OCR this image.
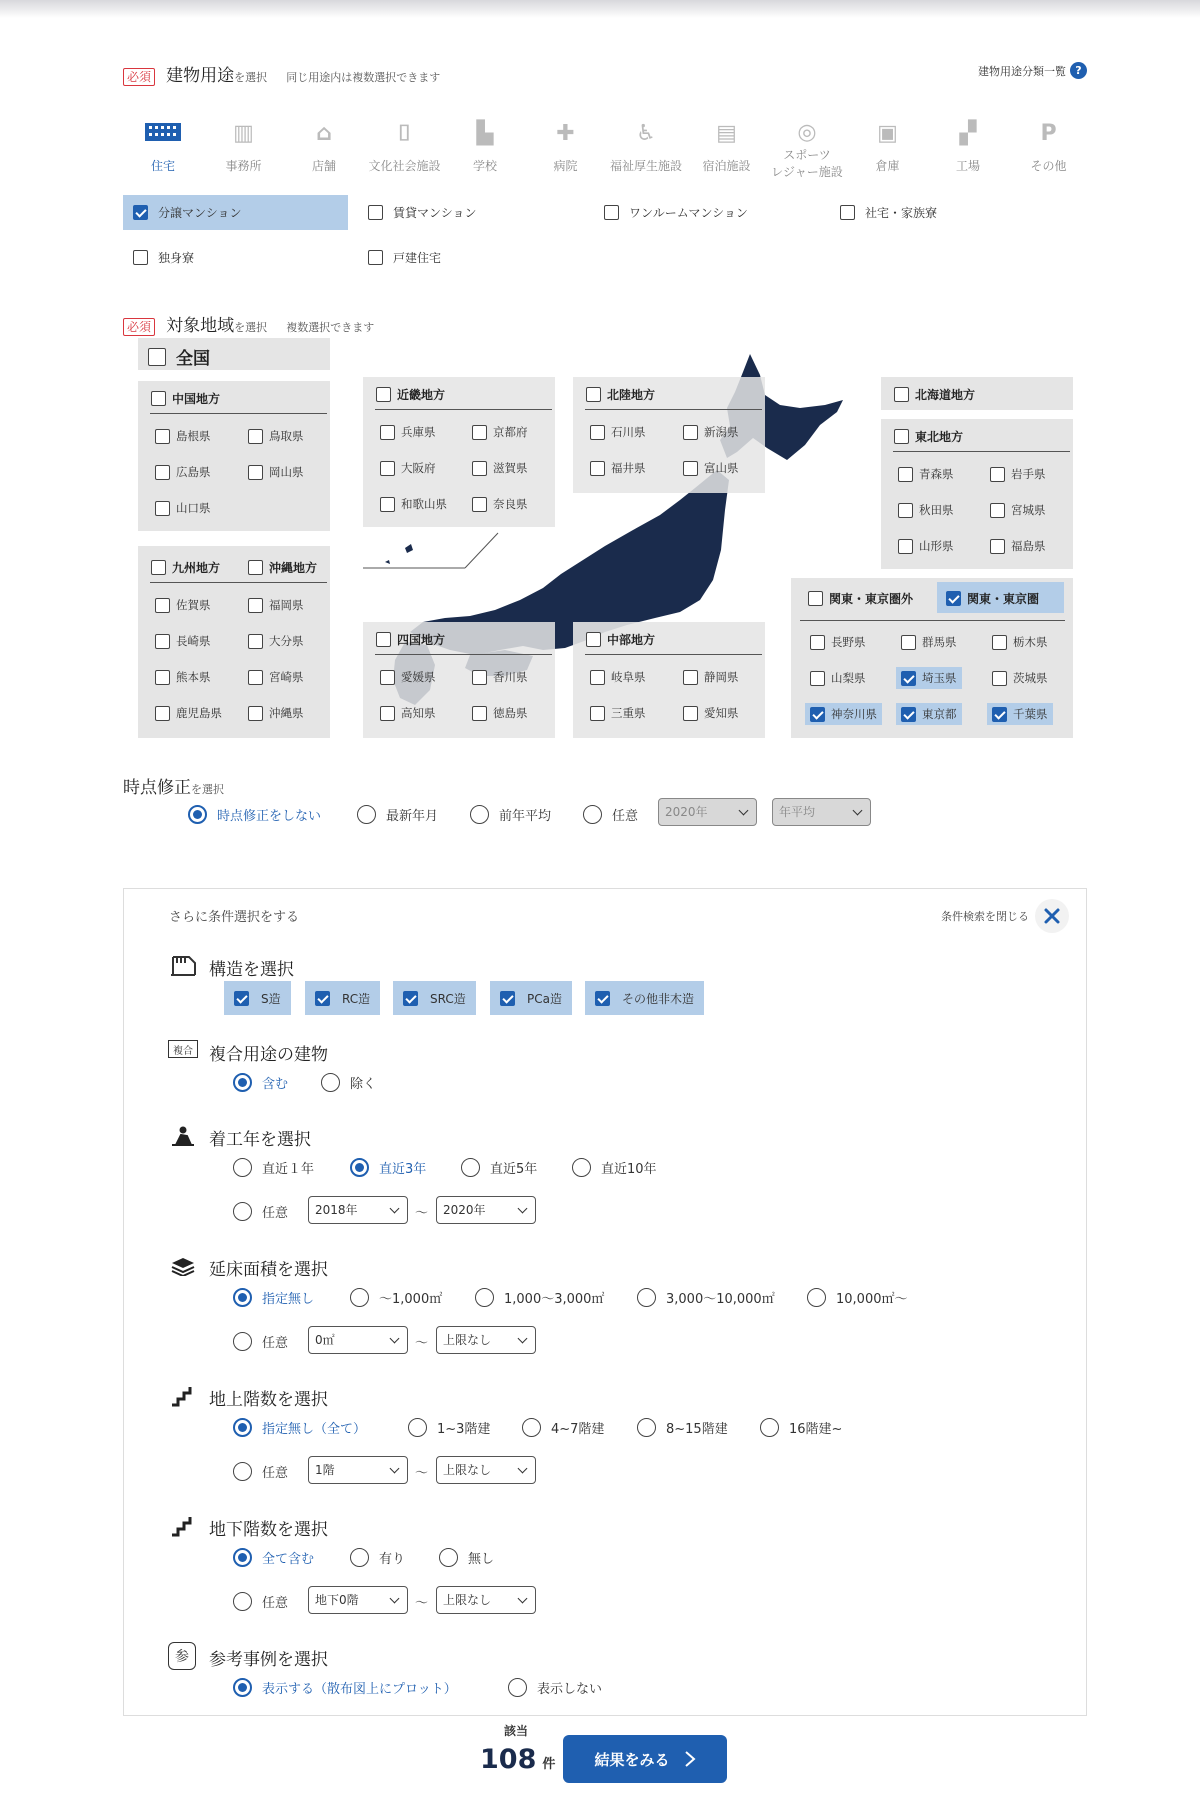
必須 建物用途を選択 同じ用途内は複数選択できます	建物用途分類一覧 ?
住宅
▥
事務所
⌂
店舗
⌷
文化社会施設
▙
学校
✚
病院
♿
福祉厚生施設
▤
宿泊施設
◎
スポーツ
レジャー施設
▣
倉庫
▞
工場
P
その他
分譲マンション	賃貸マンション	ワンルームマンション	社宅・家族寮
独身寮	戸建住宅
必須 対象地域を選択 複数選択できます
全国
中国地方
島根県	鳥取県
広島県	岡山県
山口県
九州地方	沖縄地方
佐賀県	福岡県
長崎県	大分県
熊本県	宮崎県
鹿児島県	沖縄県
近畿地方
兵庫県	京都府
大阪府	滋賀県
和歌山県	奈良県
北陸地方
石川県	新潟県
福井県	富山県
北海道地方
東北地方
青森県	岩手県
秋田県	宮城県
山形県	福島県
四国地方
愛媛県	香川県
高知県	徳島県
中部地方
岐阜県	静岡県
三重県	愛知県
関東・東京圏外	関東・東京圏
長野県	群馬県	栃木県
山梨県	埼玉県	茨城県
神奈川県	東京都	千葉県
時点修正を選択
時点修正をしない	最新年月	前年平均	任意	2020年	年平均
さらに条件選択をする	条件検索を閉じる
構造を選択
S造	RC造	SRC造	PCa造	その他非木造
複合 複合用途の建物
含む	除く
着工年を選択
直近１年	直近3年	直近5年	直近10年
任意	2018年	〜	2020年
延床面積を選択
指定無し	〜1,000㎡	1,000〜3,000㎡	3,000〜10,000㎡	10,000㎡〜
任意	0㎡	〜	上限なし
地上階数を選択
指定無し（全て）	1~3階建	4~7階建	8~15階建	16階建~
任意	1階	〜	上限なし
地下階数を選択
全て含む	有り	無し
任意	地下0階	〜	上限なし
参	参考事例を選択
表示する（散布図上にプロット）	表示しない
該当
108 件	結果をみる
